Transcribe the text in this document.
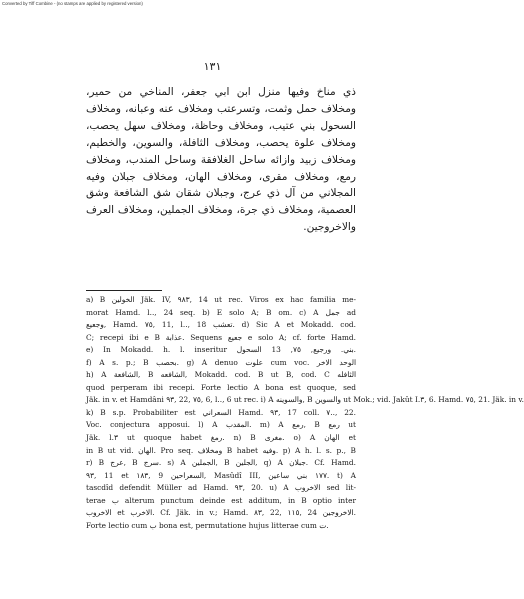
Converted by Tiff Combine - (no stamps are applied by registered version)
١٣١

ذي مناخ وفيها منزل ابن ابي جعفر، المناخي من حمير، ومخلاف حمل وثمت، وتسرعتب ومخلاف عنه وعبانه، ومخلاف السحول بني عتيب، ومخلاف وحاظة، ومخلاف سهل يحصب، ومخلاف علوة يحصب، ومخلاف الثافلة، والسوين، والخطيم، ومخلاف زبيد وازائه ساحل الغلافقة وساحل المندب، ومخلاف رمع، ومخلاف مقرى، ومخلاف الهان، ومخلاف جبلان وفيه المجلاني من آل ذي عرج، وجبلان شقان شق الشافعة وشق العصمية، ومخلاف ذي جرة، ومخلاف الجملين، ومخلاف العرف والاخروجين.

a) B الخولين Jäk. IV, ٩٨٣, 14 ut rec. Viros ex hac familia me-
morat Hamd. l.., 24 seq. b) E solo A; B om. c) A جمل ad
وجعيع, Hamd. ٧٥, 11, l.., 18 تعشب. d) Sic A et Mokadd. cod.
C; recepi ibi e B عذابة. Sequens جعيع e solo A; cf. forte Hamd.
e) In Mokadd. h. l. inseritur بني. ورجيع, ٧٥, 13 السحول.
f) A s. p.; B بحصب. g) A denuo علوت cum voc. الوحد الاخر
h) A الشافعة, B الشافعه, Mokadd. cod. B ut B, cod. C الثافله
quod perperam ibi recepi. Forte lectio A bona est quoque, sed
Jäk. in v. et Hamdâni ٩٣, 22, ٧٥, 6, l.., 6 ut rec. i) A والسوينه, B والسوين ut Mok.; vid. Jakût I.٣, 6. Hamd. ٧٥, 21. Jäk. in v.
k) B s.p. Probabiliter est السعراني Hamd. ٩٣, 17 coll. ٧.., 22.
Voc. conjectura apposui. l) A المقدب. m) A رمع, B رمع ut
Jäk. l.٣ ut quoque habet رمغ. n) B مغرى. o) A الهان et
in B ut vid. الهان. Pro seq. ومخلاف B habet وفيه. p) A h. l. s. p., B
r) B عرج, B سرج. s) A الجملين, B الجلين, q) A جبلان. Cf. Hamd.
٩٣, 11 et ١٨٣, 9 السعراحين, Masûdî III, ١٧٧ بني ساعين. t) A
tascdîd defendit Müller ad Hamd. ٩٣, 20. u) A الاخروب sed lit-
terae ب alterum punctum deinde est additum, in B optio inter
الاخروب et الاخرب. Cf. Jäk. in v.; Hamd. ٨٣, 22, ١١٥, 24 الاخروجين.
Forte lectio cum ب bona est, permutatione hujus litterae cum ت.
